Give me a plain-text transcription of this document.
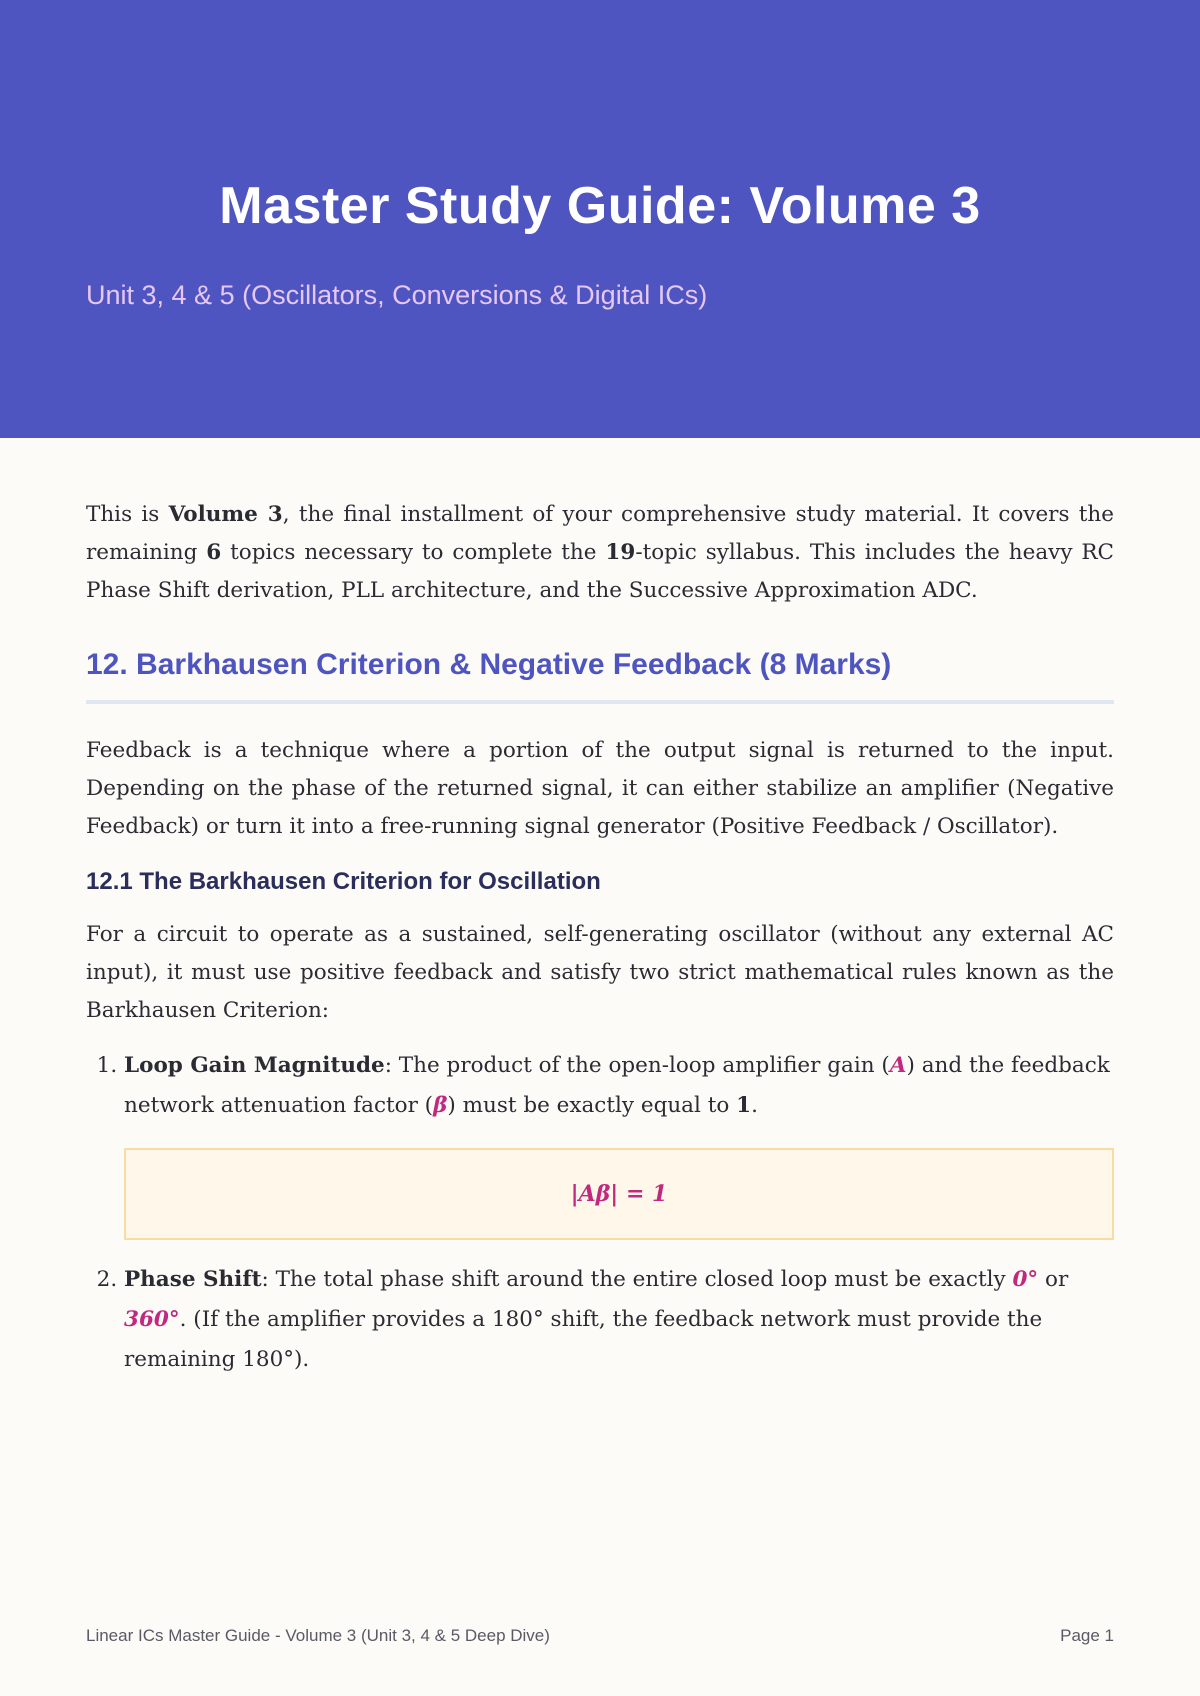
Master Study Guide: Volume 3

Unit 3, 4 & 5 (Oscillators, Conversions & Digital ICs)

This is Volume 3, the final installment of your comprehensive study material. It covers the remaining 6 topics necessary to complete the 19-topic syllabus. This includes the heavy RC Phase Shift derivation, PLL architecture, and the Successive Approximation ADC.

12. Barkhausen Criterion & Negative Feedback (8 Marks)

Feedback is a technique where a portion of the output signal is returned to the input. Depending on the phase of the returned signal, it can either stabilize an amplifier (Negative Feedback) or turn it into a free-running signal generator (Positive Feedback / Oscillator).

12.1 The Barkhausen Criterion for Oscillation

For a circuit to operate as a sustained, self-generating oscillator (without any external AC input), it must use positive feedback and satisfy two strict mathematical rules known as the Barkhausen Criterion:

1. Loop Gain Magnitude: The product of the open-loop amplifier gain (A) and the feedback network attenuation factor (β) must be exactly equal to 1.
|Aβ| = 1
2. Phase Shift: The total phase shift around the entire closed loop must be exactly 0° or 360°. (If the amplifier provides a 180° shift, the feedback network must provide the remaining 180°).
Linear ICs Master Guide - Volume 3 (Unit 3, 4 & 5 Deep Dive)	Page 1
